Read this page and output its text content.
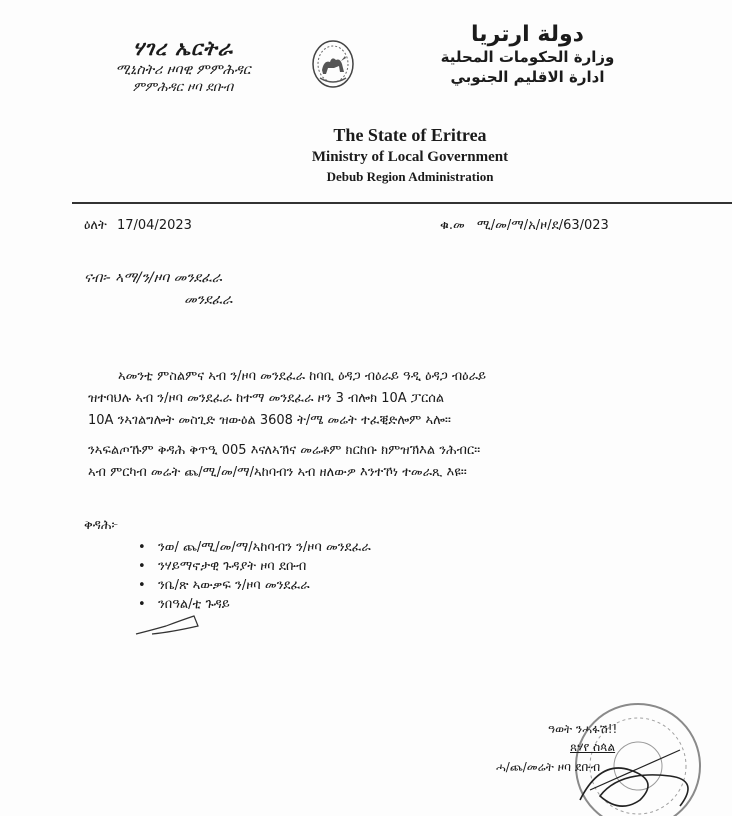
ሃገረ ኤርትራ
ሚኒስትሪ ዞባዊ ምምሕዳር
ምምሕዳር ዞባ ደቡብ
دولة ارتريا
وزارة الحكومات المحلية
ادارة الاقليم الجنوبي
The State of Eritrea
Ministry of Local Government
Debub Region Administration
ዕለት 17/04/2023	ቁ.መ ሚ/መ/ማ/አ/ዞ/ደ/63/023
ናብ፡- ኣማ/ን/ዞባ መንደፈራ
መንደፈራ
ኣመንቲ ምስልምና ኣብ ን/ዞባ መንደፈራ ከባቢ ዕዳጋ ብዕራይ ዓዲ ዕዳጋ ብዕራይ
ዝተባህሉ ኣብ ን/ዞባ መንደፈራ ከተማ መንደፈራ ዞን 3 ብሎክ 10A ፓርሰል
10A ንኣገልግሎት መስጊድ ዝውዕል 3608 ት/ሜ መሬት ተፈቒድሎም ኣሎ።
ንኣፍልጦኹም ቅዳሕ ቅጥዒ 005 እናለኣኽና መሬቶም ክርከቡ ክምዝኽእል ንሕብር።
ኣብ ምርካብ መሬት ጨ/ሚ/መ/ማ/ኣከባብን ኣብ ዘለውዎ እንተኾነ ተመራጺ እዩ።
ቅዳሕ፦
• ንወ/ ጨ/ሚ/መ/ማ/ኣከባብን ን/ዞባ መንደፈራ
• ንሃይማኖታዊ ጉዳያት ዞባ ደቡብ
• ንቤ/ጽ ኣውቃፍ ን/ዞባ መንደፈራ
• ንበዓል/ቲ ጉዳይ
ዓወት ንሓፋሽ!!
ጸሃየ ስጳል
ሓ/ጨ/መሬት ዞባ ደቡብ
